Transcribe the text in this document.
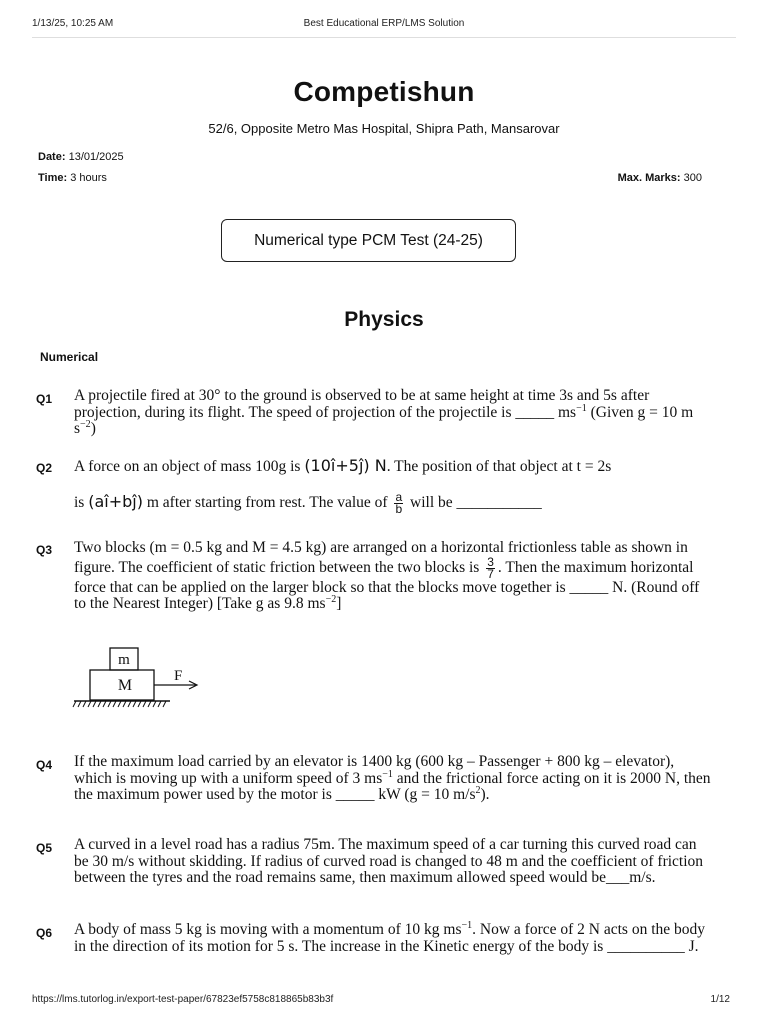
1/13/25, 10:25 AM	Best Educational ERP/LMS Solution
Competishun
52/6, Opposite Metro Mas Hospital, Shipra Path, Mansarovar
Date: 13/01/2025
Time: 3 hours	Max. Marks: 300
Numerical type PCM Test (24-25)
Physics
Numerical
Q1 A projectile fired at 30° to the ground is observed to be at same height at time 3s and 5s after projection, during its flight. The speed of projection of the projectile is _____ $ms^{-1}$ (Given g = 10 m $s^{-2}$)
Q2 A force on an object of mass 100g is (10î+5ĵ) N. The position of that object at t = 2s
is (aî+bĵ) m after starting from rest. The value of $\frac{a}{b}$ will be ___________
Q3 Two blocks (m = 0.5 kg and M = 4.5 kg) are arranged on a horizontal frictionless table as shown in figure. The coefficient of static friction between the two blocks is $\frac{3}{7}$ . Then the maximum horizontal force that can be applied on the larger block so that the blocks move together is _____ N. (Round off to the Nearest Integer) [Take g as 9.8 $ms^{-2}$]
m
M
F
Q4 If the maximum load carried by an elevator is 1400 kg (600 kg – Passenger + 800 kg – elevator), which is moving up with a uniform speed of 3 $ms^{-1}$ and the frictional force acting on it is 2000 N, then the maximum power used by the motor is _____ kW (g = 10 $m/s^2$).
Q5 A curved in a level road has a radius 75m. The maximum speed of a car turning this curved road can be 30 m/s without skidding. If radius of curved road is changed to 48 m and the coefficient of friction between the tyres and the road remains same, then maximum allowed speed would be___m/s.
Q6 A body of mass 5 kg is moving with a momentum of 10 kg $ms^{-1}$. Now a force of 2 N acts on the body in the direction of its motion for 5 s. The increase in the Kinetic energy of the body is __________ J.
https://lms.tutorlog.in/export-test-paper/67823ef5758c818865b83b3f	1/12
